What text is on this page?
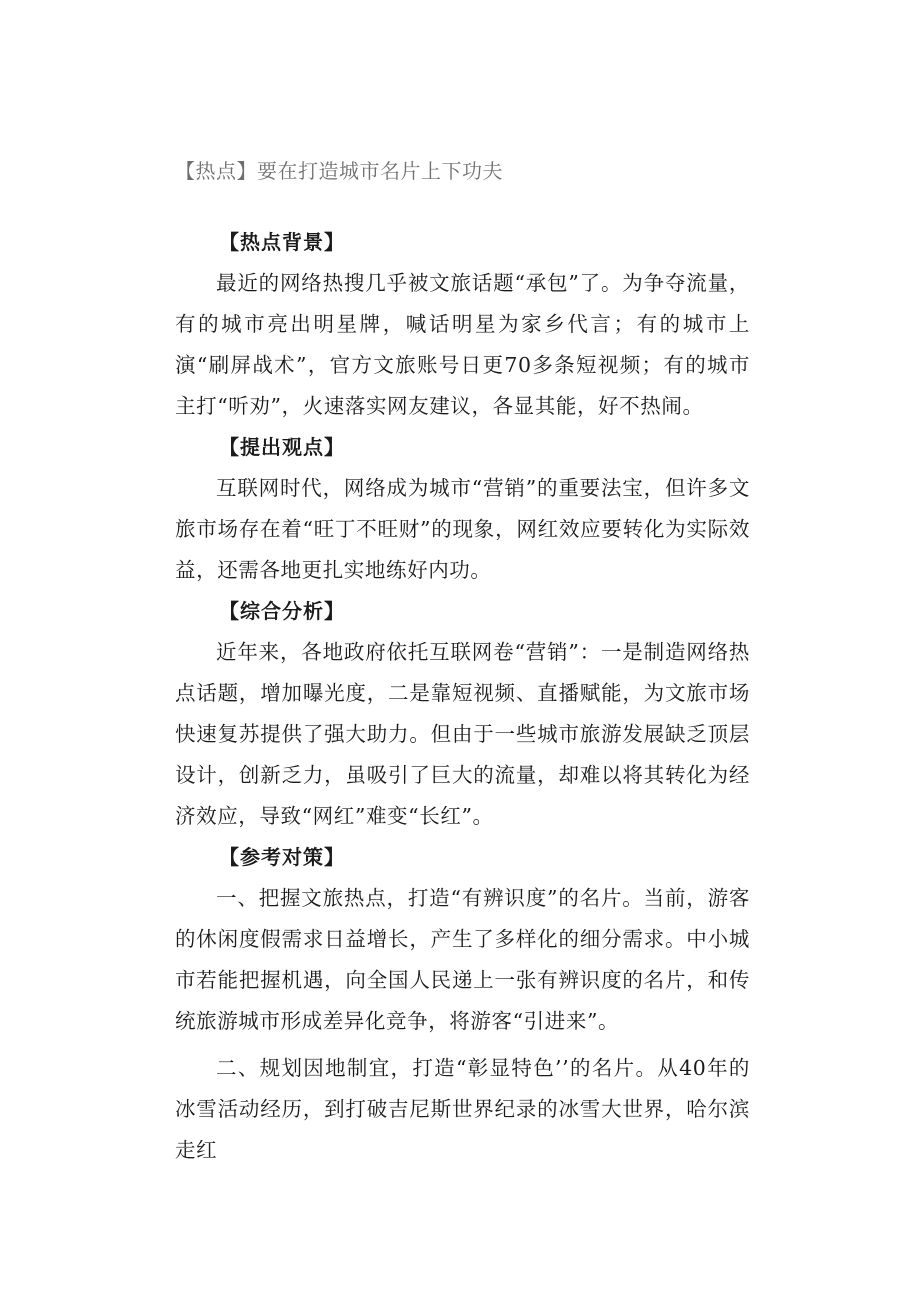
【热点】要在打造城市名片上下功夫

【热点背景】

最近的网络热搜几乎被文旅话题“承包”了。为争夺流量，有的城市亮出明星牌，喊话明星为家乡代言；有的城市上演“刷屏战术”，官方文旅账号日更70多条短视频；有的城市主打“听劝”，火速落实网友建议，各显其能，好不热闹。

【提出观点】

互联网时代，网络成为城市“营销”的重要法宝，但许多文旅市场存在着“旺丁不旺财”的现象，网红效应要转化为实际效益，还需各地更扎实地练好内功。

【综合分析】

近年来，各地政府依托互联网卷“营销”：一是制造网络热点话题，增加曝光度，二是靠短视频、直播赋能，为文旅市场快速复苏提供了强大助力。但由于一些城市旅游发展缺乏顶层设计，创新乏力，虽吸引了巨大的流量，却难以将其转化为经济效应，导致“网红”难变“长红”。

【参考对策】

一、把握文旅热点，打造“有辨识度”的名片。当前，游客的休闲度假需求日益增长，产生了多样化的细分需求。中小城市若能把握机遇，向全国人民递上一张有辨识度的名片，和传统旅游城市形成差异化竞争，将游客“引进来”。

二、规划因地制宜，打造“彰显特色’’的名片。从40年的冰雪活动经历，到打破吉尼斯世界纪录的冰雪大世界，哈尔滨走红
